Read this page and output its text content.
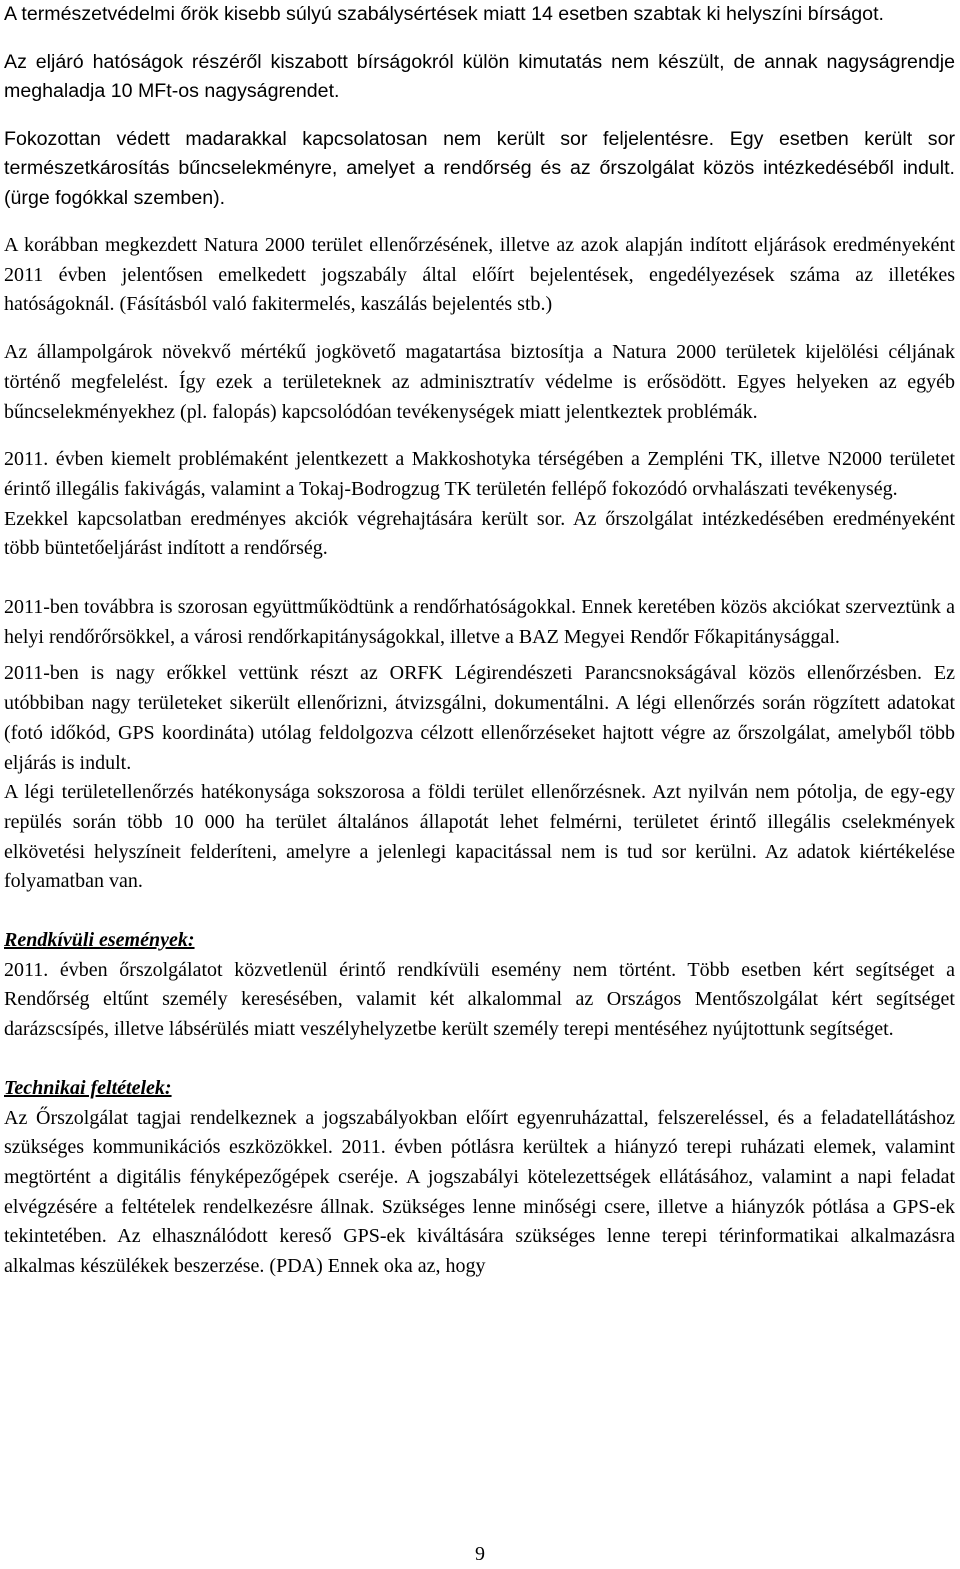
A természetvédelmi őrök kisebb súlyú szabálysértések miatt 14 esetben szabtak ki helyszíni bírságot.

Az eljáró hatóságok részéről kiszabott bírságokról külön kimutatás nem készült, de annak nagyságrendje meghaladja 10 MFt-os nagyságrendet.

Fokozottan védett madarakkal kapcsolatosan nem került sor feljelentésre. Egy esetben került sor természetkárosítás bűncselekményre, amelyet a rendőrség és az őrszolgálat közös intézkedéséből indult. (ürge fogókkal szemben).

A korábban megkezdett Natura 2000 terület ellenőrzésének, illetve az azok alapján indított eljárások eredményeként 2011 évben jelentősen emelkedett jogszabály által előírt bejelentések, engedélyezések száma az illetékes hatóságoknál. (Fásításból való fakitermelés, kaszálás bejelentés stb.)

Az állampolgárok növekvő mértékű jogkövető magatartása biztosítja a Natura 2000 területek kijelölési céljának történő megfelelést. Így ezek a területeknek az adminisztratív védelme is erősödött. Egyes helyeken az egyéb bűncselekményekhez (pl. falopás) kapcsolódóan tevékenységek miatt jelentkeztek problémák.

2011. évben kiemelt problémaként jelentkezett a Makkoshotyka térségében a Zempléni TK, illetve N2000 területet érintő illegális fakivágás, valamint a Tokaj-Bodrogzug TK területén fellépő fokozódó orvhalászati tevékenység.

Ezekkel kapcsolatban eredményes akciók végrehajtására került sor. Az őrszolgálat intézkedésében eredményeként több büntetőeljárást indított a rendőrség.

2011-ben továbbra is szorosan együttműködtünk a rendőrhatóságokkal. Ennek keretében közös akciókat szerveztünk a helyi rendőrőrsökkel, a városi rendőrkapitányságokkal, illetve a BAZ Megyei Rendőr Főkapitánysággal.

2011-ben is nagy erőkkel vettünk részt az ORFK Légirendészeti Parancsnokságával közös ellenőrzésben. Ez utóbbiban nagy területeket sikerült ellenőrizni, átvizsgálni, dokumentálni. A légi ellenőrzés során rögzített adatokat (fotó időkód, GPS koordináta) utólag feldolgozva célzott ellenőrzéseket hajtott végre az őrszolgálat, amelyből több eljárás is indult.

A légi területellenőrzés hatékonysága sokszorosa a földi terület ellenőrzésnek. Azt nyilván nem pótolja, de egy-egy repülés során több 10 000 ha terület általános állapotát lehet felmérni, területet érintő illegális cselekmények elkövetési helyszíneit felderíteni, amelyre a jelenlegi kapacitással nem is tud sor kerülni. Az adatok kiértékelése folyamatban van.

Rendkívüli események:

2011. évben őrszolgálatot közvetlenül érintő rendkívüli esemény nem történt. Több esetben kért segítséget a Rendőrség eltűnt személy keresésében, valamit két alkalommal az Országos Mentőszolgálat kért segítséget darázscsípés, illetve lábsérülés miatt veszélyhelyzetbe került személy terepi mentéséhez nyújtottunk segítséget.

Technikai feltételek:

Az Őrszolgálat tagjai rendelkeznek a jogszabályokban előírt egyenruházattal, felszereléssel, és a feladatellátáshoz szükséges kommunikációs eszközökkel. 2011. évben pótlásra kerültek a hiányzó terepi ruházati elemek, valamint megtörtént a digitális fényképezőgépek cseréje. A jogszabályi kötelezettségek ellátásához, valamint a napi feladat elvégzésére a feltételek rendelkezésre állnak. Szükséges lenne minőségi csere, illetve a hiányzók pótlása a GPS-ek tekintetében. Az elhasználódott kereső GPS-ek kiváltására szükséges lenne terepi térinformatikai alkalmazásra alkalmas készülékek beszerzése. (PDA) Ennek oka az, hogy

9
